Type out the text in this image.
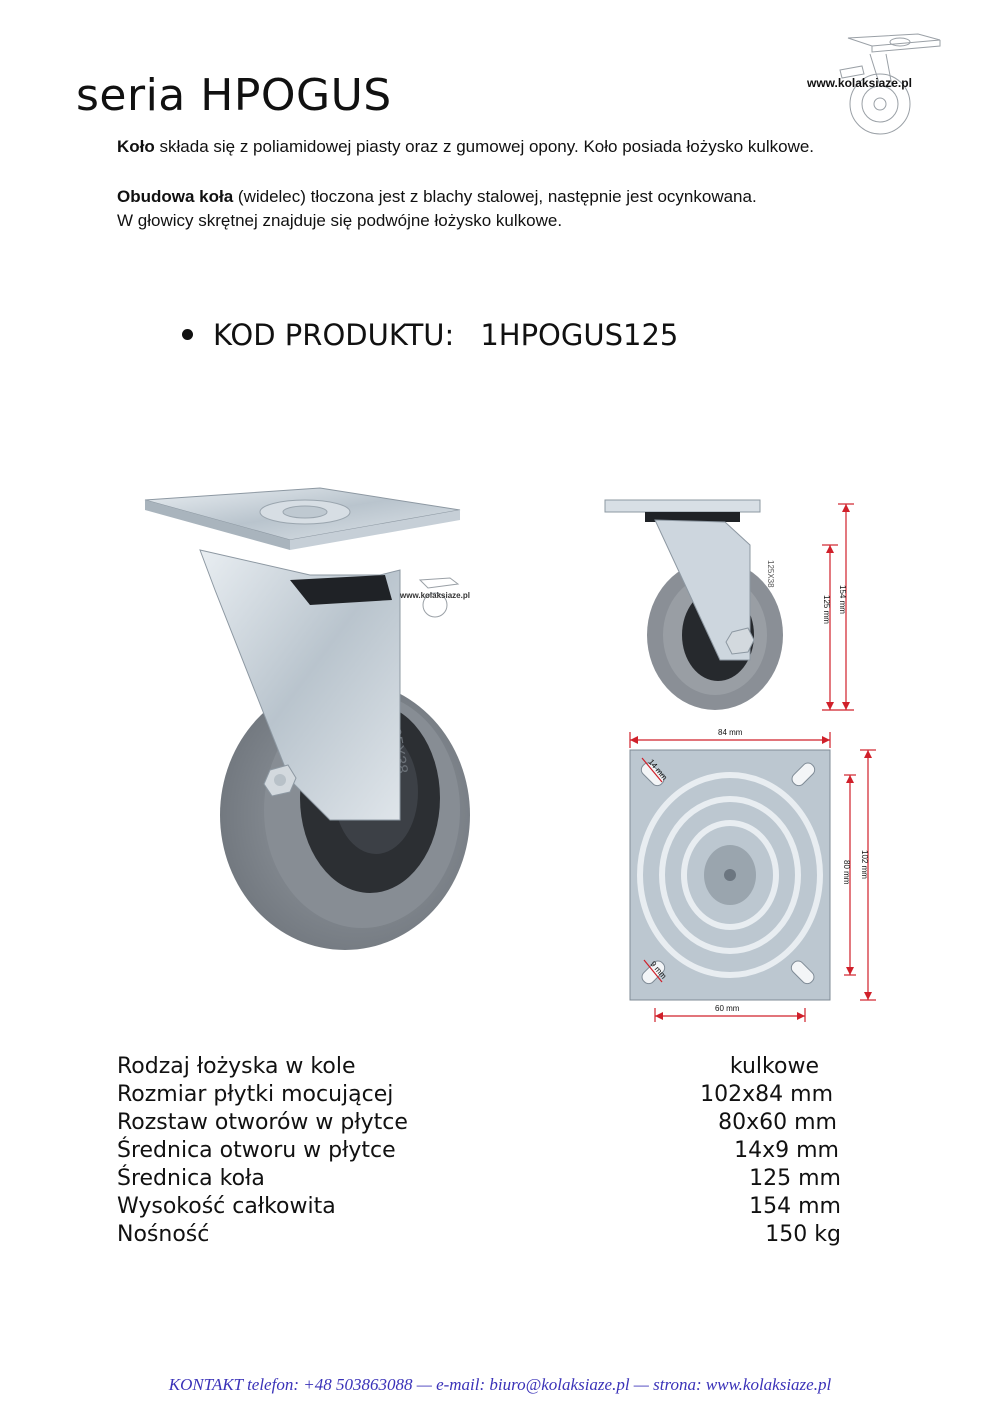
seria HPOGUS	www.kolaksiaze.pl

Koło składa się z poliamidowej piasty oraz z gumowej opony. Koło posiada łożysko kulkowe.

Obudowa koła (widelec) tłoczona jest z blachy stalowej, następnie jest ocynkowana.

W głowicy skrętnej znajduje się podwójne łożysko kulkowe.

KOD PRODUKTU: 1HPOGUS125
www.kolaksiaze.pl
125X38
125 mm 154 mm
84 mm
60 mm
80 mm 102 mm
14 mm
9 mm
Rodzaj łożyska w kole	kulkowe
Rozmiar płytki mocującej	102x84 mm
Rozstaw otworów w płytce	80x60 mm
Średnica otworu w płytce	14x9 mm
Średnica koła	125 mm
Wysokość całkowita	154 mm
Nośność	150 kg
KONTAKT telefon: +48 503863088 — e-mail: biuro@kolaksiaze.pl — strona: www.kolaksiaze.pl
